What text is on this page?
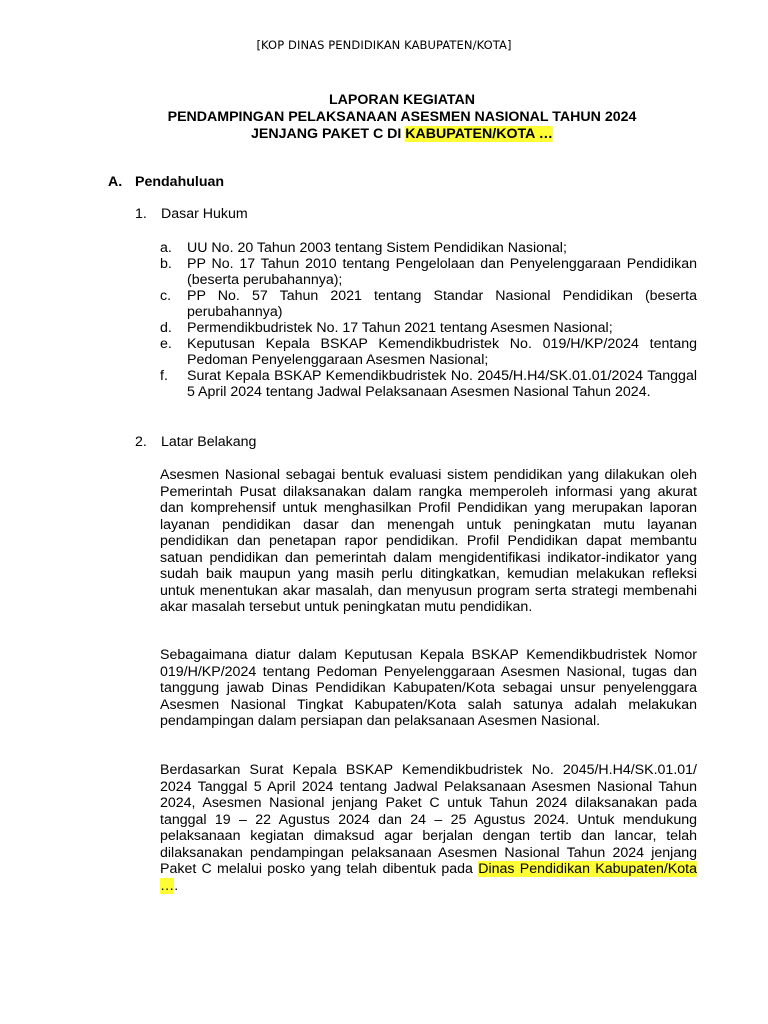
[KOP DINAS PENDIDIKAN KABUPATEN/KOTA]
LAPORAN KEGIATAN
PENDAMPINGAN PELAKSANAAN ASESMEN NASIONAL TAHUN 2024
JENJANG PAKET C DI KABUPATEN/KOTA …
A. Pendahuluan
1. Dasar Hukum
a. UU No. 20 Tahun 2003 tentang Sistem Pendidikan Nasional;
b. PP No. 17 Tahun 2010 tentang Pengelolaan dan Penyelenggaraan Pendidikan (beserta perubahannya);
c. PP No. 57 Tahun 2021 tentang Standar Nasional Pendidikan (beserta perubahannya)
d. Permendikbudristek No. 17 Tahun 2021 tentang Asesmen Nasional;
e. Keputusan Kepala BSKAP Kemendikbudristek No. 019/H/KP/2024 tentang Pedoman Penyelenggaraan Asesmen Nasional;
f. Surat Kepala BSKAP Kemendikbudristek No. 2045/H.H4/SK.01.01/2024 Tanggal 5 April 2024 tentang Jadwal Pelaksanaan Asesmen Nasional Tahun 2024.
2. Latar Belakang

Asesmen Nasional sebagai bentuk evaluasi sistem pendidikan yang dilakukan oleh Pemerintah Pusat dilaksanakan dalam rangka memperoleh informasi yang akurat dan komprehensif untuk menghasilkan Profil Pendidikan yang merupakan laporan layanan pendidikan dasar dan menengah untuk peningkatan mutu layanan pendidikan dan penetapan rapor pendidikan. Profil Pendidikan dapat membantu satuan pendidikan dan pemerintah dalam mengidentifikasi indikator-indikator yang sudah baik maupun yang masih perlu ditingkatkan, kemudian melakukan refleksi untuk menentukan akar masalah, dan menyusun program serta strategi membenahi akar masalah tersebut untuk peningkatan mutu pendidikan.

Sebagaimana diatur dalam Keputusan Kepala BSKAP Kemendikbudristek Nomor 019/H/KP/2024 tentang Pedoman Penyelenggaraan Asesmen Nasional, tugas dan tanggung jawab Dinas Pendidikan Kabupaten/Kota sebagai unsur penyelenggara Asesmen Nasional Tingkat Kabupaten/Kota salah satunya adalah melakukan pendampingan dalam persiapan dan pelaksanaan Asesmen Nasional.

Berdasarkan Surat Kepala BSKAP Kemendikbudristek No. 2045/H.H4/SK.01.01/ 2024 Tanggal 5 April 2024 tentang Jadwal Pelaksanaan Asesmen Nasional Tahun 2024, Asesmen Nasional jenjang Paket C untuk Tahun 2024 dilaksanakan pada tanggal 19 – 22 Agustus 2024 dan 24 – 25 Agustus 2024. Untuk mendukung pelaksanaan kegiatan dimaksud agar berjalan dengan tertib dan lancar, telah dilaksanakan pendampingan pelaksanaan Asesmen Nasional Tahun 2024 jenjang Paket C melalui posko yang telah dibentuk pada Dinas Pendidikan Kabupaten/Kota ….
